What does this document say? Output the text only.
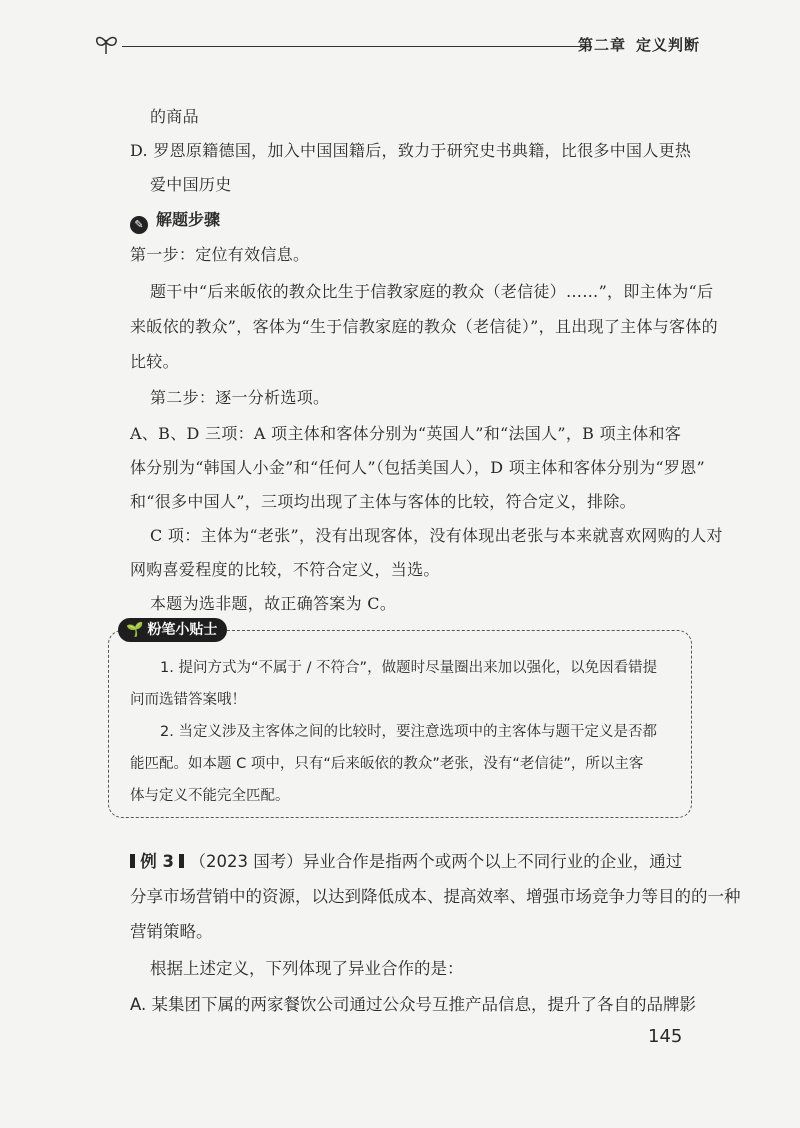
第二章 定义判断
的商品
D. 罗恩原籍德国，加入中国国籍后，致力于研究史书典籍，比很多中国人更热
爱中国历史
✎ 解题步骤
第一步：定位有效信息。
题干中“后来皈依的教众比生于信教家庭的教众（老信徒）……”，即主体为“后
来皈依的教众”，客体为“生于信教家庭的教众（老信徒）”，且出现了主体与客体的
比较。
第二步：逐一分析选项。
A、B、D 三项：A 项主体和客体分别为“英国人”和“法国人”，B 项主体和客
体分别为“韩国人小金”和“任何人”（包括美国人），D 项主体和客体分别为“罗恩”
和“很多中国人”，三项均出现了主体与客体的比较，符合定义，排除。
C 项：主体为“老张”，没有出现客体，没有体现出老张与本来就喜欢网购的人对
网购喜爱程度的比较，不符合定义，当选。
本题为选非题，故正确答案为 C。
🌱 粉笔小贴士
1. 提问方式为“不属于 / 不符合”，做题时尽量圈出来加以强化，以免因看错提
问而选错答案哦！
2. 当定义涉及主客体之间的比较时，要注意选项中的主客体与题干定义是否都
能匹配。如本题 C 项中，只有“后来皈依的教众”老张，没有“老信徒”，所以主客
体与定义不能完全匹配。
例 3 （2023 国考）异业合作是指两个或两个以上不同行业的企业，通过
分享市场营销中的资源，以达到降低成本、提高效率、增强市场竞争力等目的的一种
营销策略。
根据上述定义，下列体现了异业合作的是：
A. 某集团下属的两家餐饮公司通过公众号互推产品信息，提升了各自的品牌影
145
